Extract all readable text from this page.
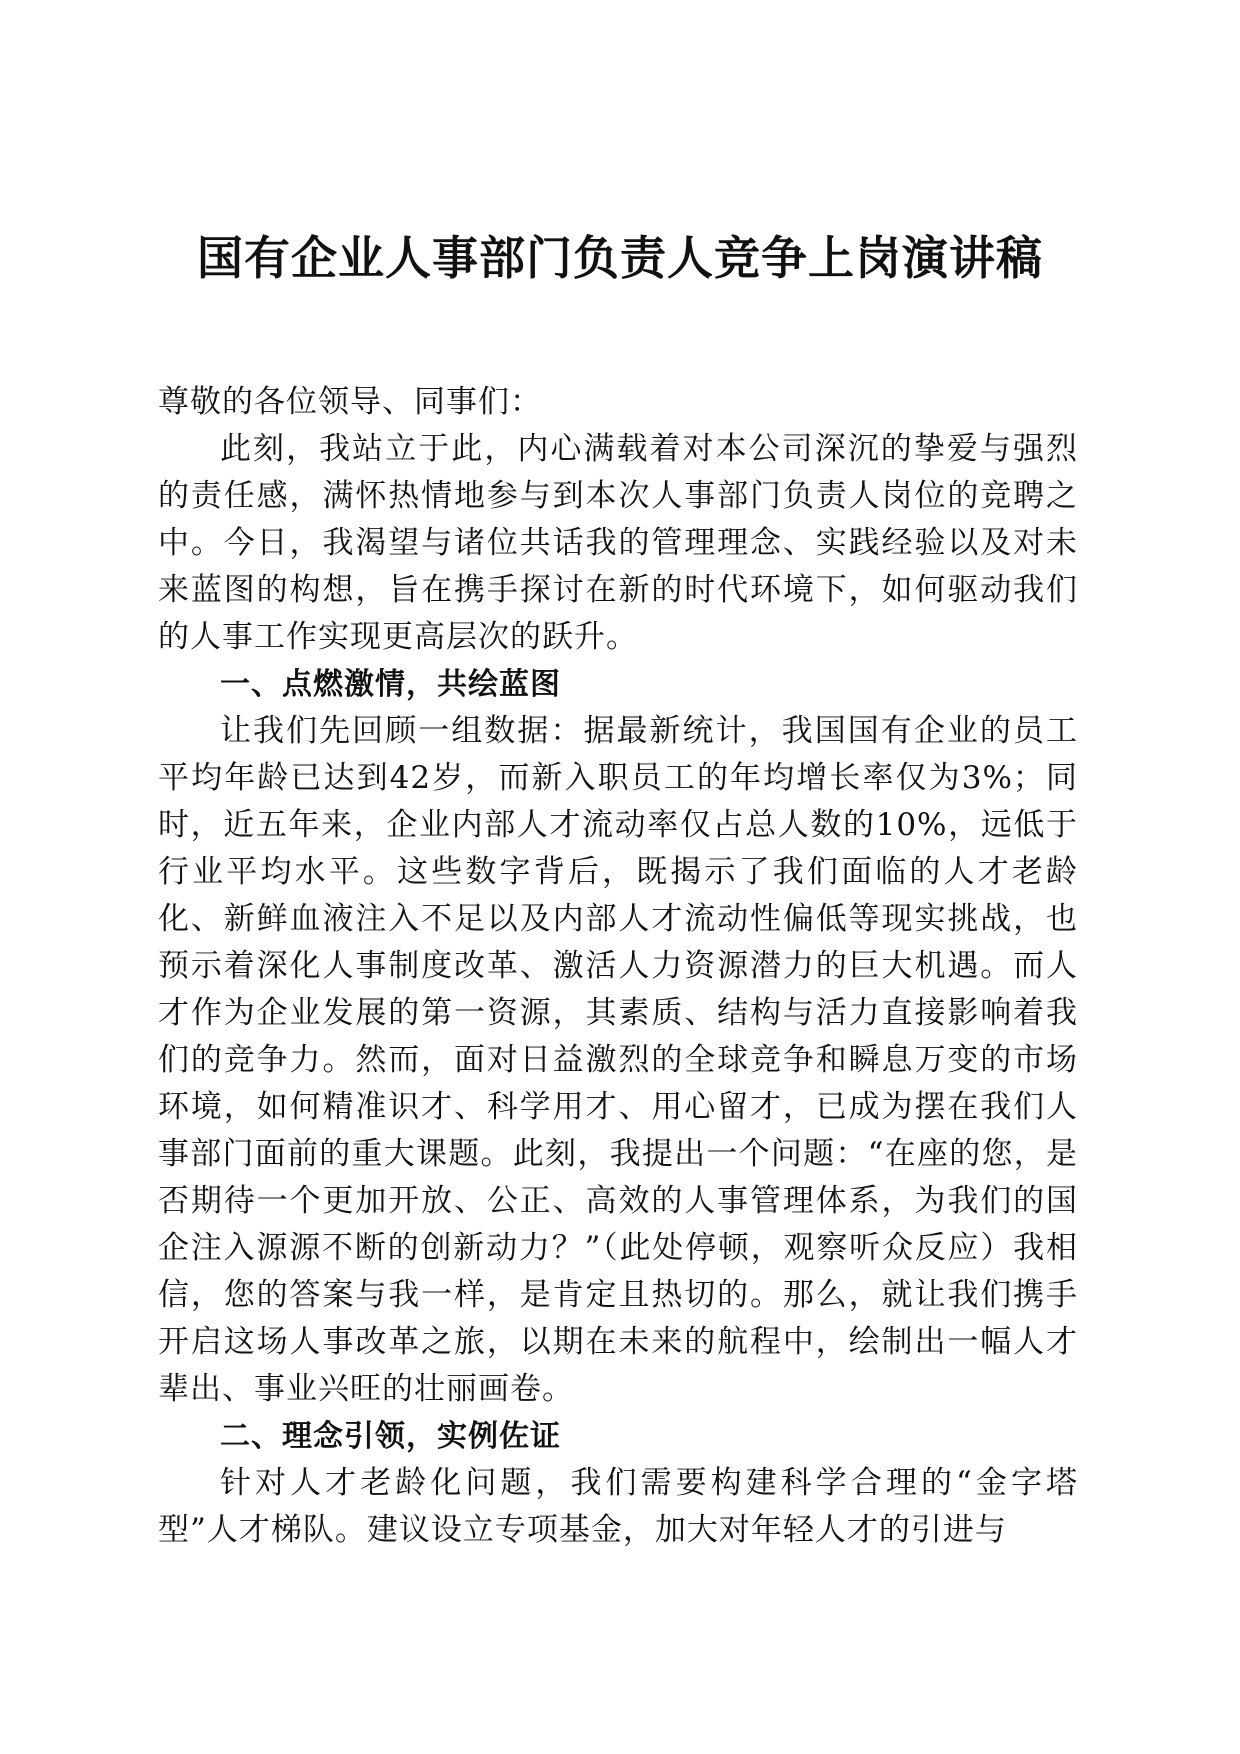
国有企业人事部门负责人竞争上岗演讲稿

尊敬的各位领导、同事们：

此刻，我站立于此，内心满载着对本公司深沉的挚爱与强烈的责任感，满怀热情地参与到本次人事部门负责人岗位的竞聘之中。今日，我渴望与诸位共话我的管理理念、实践经验以及对未来蓝图的构想，旨在携手探讨在新的时代环境下，如何驱动我们的人事工作实现更高层次的跃升。

一、点燃激情，共绘蓝图

让我们先回顾一组数据：据最新统计，我国国有企业的员工平均年龄已达到42岁，而新入职员工的年均增长率仅为3%；同时，近五年来，企业内部人才流动率仅占总人数的10%，远低于行业平均水平。这些数字背后，既揭示了我们面临的人才老龄化、新鲜血液注入不足以及内部人才流动性偏低等现实挑战，也预示着深化人事制度改革、激活人力资源潜力的巨大机遇。而人才作为企业发展的第一资源，其素质、结构与活力直接影响着我们的竞争力。然而，面对日益激烈的全球竞争和瞬息万变的市场环境，如何精准识才、科学用才、用心留才，已成为摆在我们人事部门面前的重大课题。此刻，我提出一个问题：“在座的您，是否期待一个更加开放、公正、高效的人事管理体系，为我们的国企注入源源不断的创新动力？”（此处停顿，观察听众反应）我相信，您的答案与我一样，是肯定且热切的。那么，就让我们携手开启这场人事改革之旅，以期在未来的航程中，绘制出一幅人才辈出、事业兴旺的壮丽画卷。

二、理念引领，实例佐证

针对人才老龄化问题，我们需要构建科学合理的“金字塔型”人才梯队。建议设立专项基金，加大对年轻人才的引进与
